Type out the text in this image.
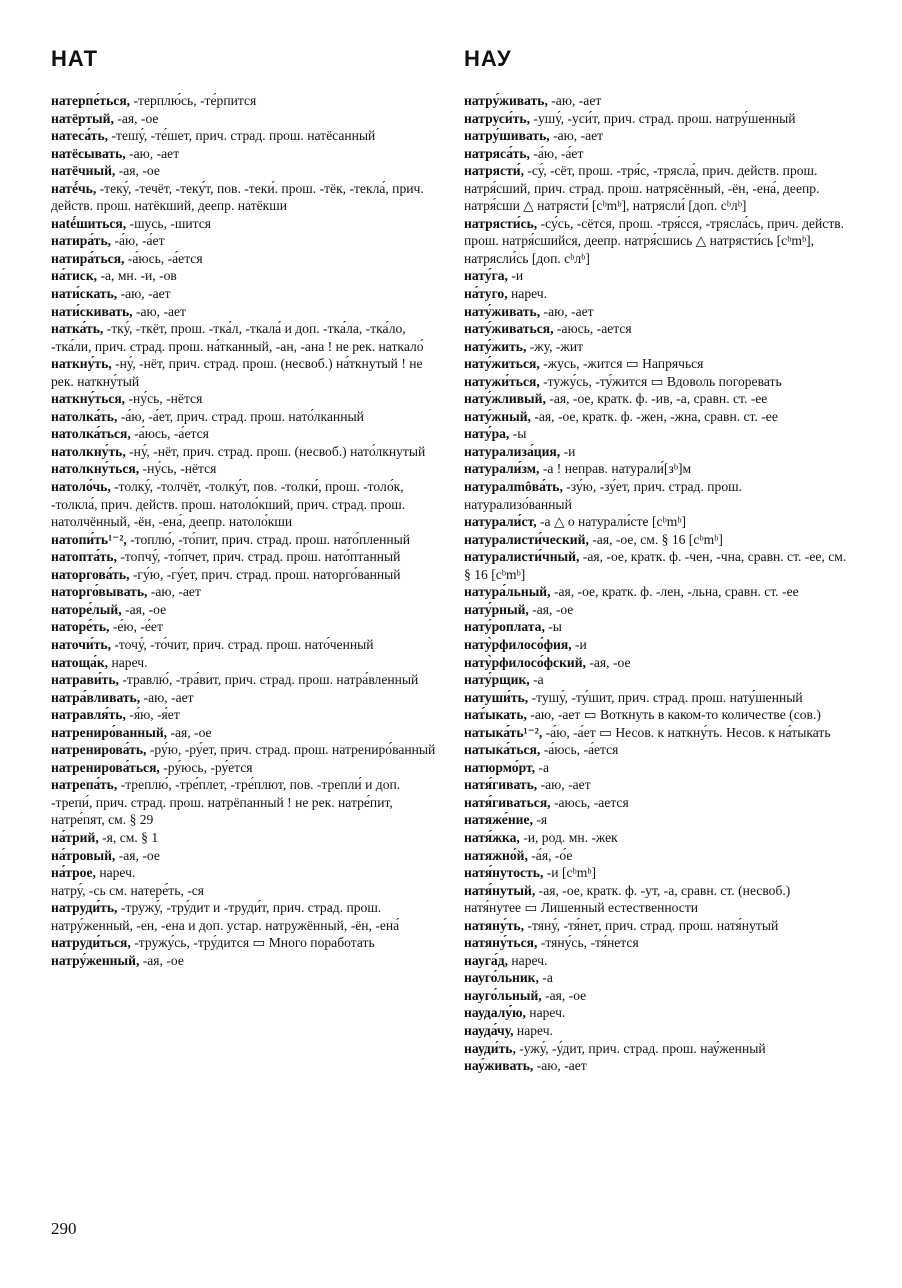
НАТ	НАУ
натерпе́ться, -терплю́сь, -те́рпится
натёртый, -ая, -ое
натеса́ть, -тешу́, -те́шет, прич. страд. прош. натёсанный
натёсывать, -аю, -ает
натёчный, -ая, -ое
натé́чь, -теку́, -течёт, -теку́т, пов. -теки́. прош. -тёк, -текла́, прич. действ. прош. натёкший, деепр. натёкши
наté́шиться, -шусь, -шится
натира́ть, -а́ю, -а́ет
натира́ться, -а́юсь, -а́ется
на́тиск, -а, мн. -и, -ов
нати́скать, -аю, -ает
нати́скивать, -аю, -ает
натка́ть, -тку́, -ткёт, прош. -тка́л, -ткала́ и доп. -тка́ла, -тка́ло, -тка́ли, прич. страд. прош. на́тканный, -ан, -ана ! не рек. наткало́
наткну́ть, -ну́, -нёт, прич. страд. прош. (несвоб.) на́ткнутый ! не рек. наткну́тый
наткну́ться, -ну́сь, -нётся
натолка́ть, -а́ю, -а́ет, прич. страд. прош. нато́лканный
натолка́ться, -а́юсь, -а́ется
натолкну́ть, -ну́, -нёт, прич. страд. прош. (несвоб.) нато́лкнутый
натолкну́ться, -ну́сь, -нётся
натоло́чь, -толку́, -толчёт, -толку́т, пов. -толки́, прош. -толо́к, -толкла́, прич. действ. прош. натоло́кший, прич. страд. прош. натолчённый, -ён, -ена́, деепр. натоло́кши
натопи́ть¹⁻², -топлю́, -то́пит, прич. страд. прош. нато́пленный
натопта́ть, -топчу́, -то́пчет, прич. страд. прош. нато́птанный
наторгова́ть, -гу́ю, -гу́ет, прич. страд. прош. наторго́ванный
наторго́вывать, -аю, -ает
наторе́лый, -ая, -ое
наторе́ть, -е́ю, -е́ет
наточи́ть, -точу́, -то́чит, прич. страд. прош. нато́ченный
натоща́к, нареч.
натрави́ть, -травлю́, -тра́вит, прич. страд. прош. натра́вленный
натра́вливать, -аю, -ает
натравля́ть, -я́ю, -я́ет
натрениро́ванный, -ая, -ое
натренирова́ть, -ру́ю, -ру́ет, прич. страд. прош. натрениро́ванный
натренирова́ться, -ру́юсь, -ру́ется
натрепа́ть, -треплю́, -тре́плет, -тре́плют, пов. -трепли́ и доп. -трепи́, прич. страд. прош. натрёпанный ! не рек. натре́пит, натре́пят, см. § 29
на́трий, -я, см. § 1
на́тровый, -ая, -ое
на́трое, нареч.
натру́, -сь см. натере́ть, -ся
натруди́ть, -тружу́, -тру́дит и -труди́т, прич. страд. прош. натру́женный, -ен, -ена и доп. устар. натружённый, -ён, -ена́
натруди́ться, -тружу́сь, -тру́дится ▭ Много поработать
натру́женный, -ая, -ое
натру́живать, -аю, -ает
натруси́ть, -ушу́, -уси́т, прич. страд. прош. натру́шенный
натру́шивать, -аю, -ает
натряса́ть, -а́ю, -а́ет
натрясти́, -су́, -сёт, прош. -тря́с, -трясла́, прич. действ. прош. натря́сший, прич. страд. прош. натрясённый, -ён, -ена́, деепр. натря́сши △ натрясти́ [cᵇmᵇ], натрясли́ [доп. cᵇлᵇ]
натрясти́сь, -су́сь, -сётся, прош. -тря́сся, -трясла́сь, прич. действ. прош. натря́сшийся, деепр. натря́сшись △ натрясти́сь [cᵇmᵇ], натрясли́сь [доп. cᵇлᵇ]
нату́га, -и
на́туго, нареч.
нату́живать, -аю, -ает
нату́живаться, -аюсь, -ается
нату́жить, -жу, -жит
нату́житься, -жусь, -жится ▭ Напрячься
натужи́ться, -тужу́сь, -ту́жится ▭ Вдоволь погоревать
нату́жливый, -ая, -ое, кратк. ф. -ив, -а, сравн. ст. -ее
нату́жный, -ая, -ое, кратк. ф. -жен, -жна, сравн. ст. -ее
нату́ра, -ы
натурализа́ция, -и
натурали́зм, -а ! неправ. натурали́[зᵇ]м
натуралmôва́ть, -зу́ю, -зу́ет, прич. страд. прош. натурализо́ванный
натурали́ст, -а △ о натурали́сте [cᵇmᵇ]
натуралисти́ческий, -ая, -ое, см. § 16 [cᵇmᵇ]
натуралисти́чный, -ая, -ое, кратк. ф. -чен, -чна, сравн. ст. -ее, см. § 16 [cᵇmᵇ]
натура́льный, -ая, -ое, кратк. ф. -лен, -льна, сравн. ст. -ее
нату́рный, -ая, -ое
нату́роплата, -ы
нату̀рфилосо́фия, -и
нату̀рфилосо́фский, -ая, -ое
нату́рщик, -а
натуши́ть, -тушу́, -ту́шит, прич. страд. прош. нату́шенный
нат́ыкать, -аю, -ает ▭ Воткнуть в каком-то количестве (сов.)
натыка́ть¹⁻², -а́ю, -а́ет ▭ Несов. к наткну́ть. Несов. к на́тыкать
натыка́ться, -а́юсь, -а́ется
натюрмо́рт, -а
натя́гивать, -аю, -ает
натя́гиваться, -аюсь, -ается
натяже́ние, -я
натя́жка, -и, род. мн. -жек
натяжно́й, -а́я, -о́е
натя́нутость, -и [cᵇmᵇ]
натя́нутый, -ая, -ое, кратк. ф. -ут, -а, сравн. ст. (несвоб.) натя́нутее ▭ Лишенный естественности
натяну́ть, -тяну́, -тя́нет, прич. страд. прош. натя́нутый
натяну́ться, -тяну́сь, -тя́нется
науга́д, нареч.
науго́льник, -а
науго́льный, -ая, -ое
наудалу́ю, нареч.
науда́чу, нареч.
науди́ть, -ужу́, -у́дит, прич. страд. прош. нау́женный
нау́живать, -аю, -ает
290
